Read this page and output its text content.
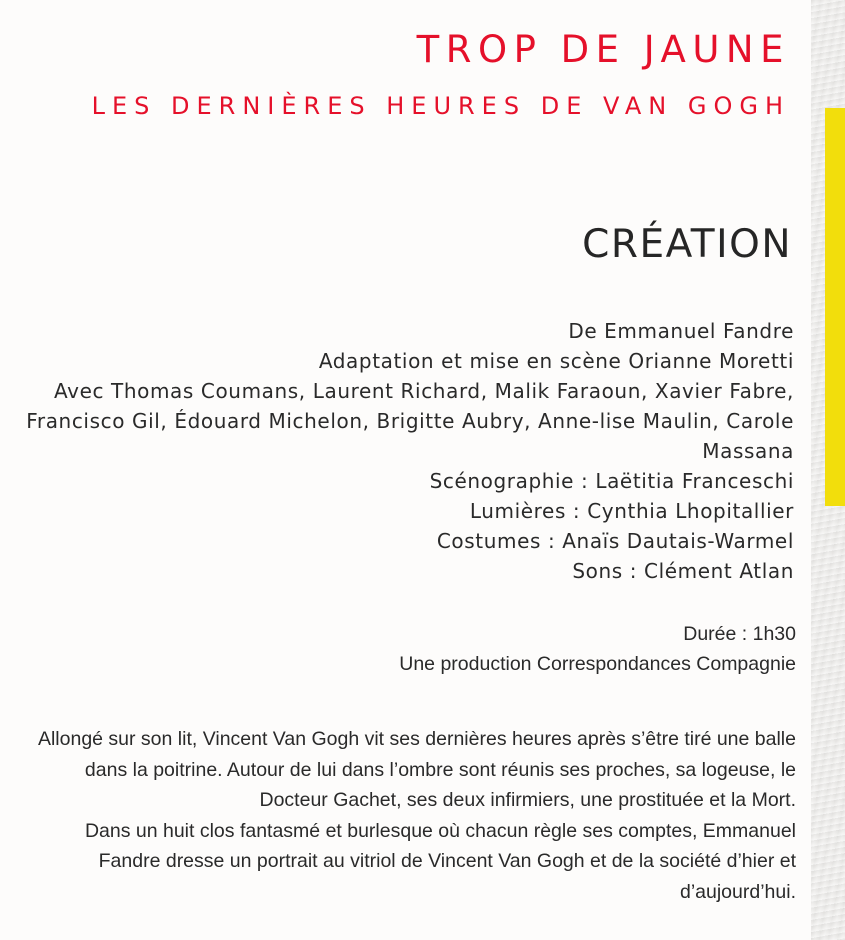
TROP DE JAUNE
LES DERNIÈRES HEURES DE VAN GOGH
CRÉATION
De Emmanuel Fandre
Adaptation et mise en scène Orianne Moretti
Avec Thomas Coumans, Laurent Richard, Malik Faraoun, Xavier Fabre, Francisco Gil, Édouard Michelon, Brigitte Aubry, Anne-lise Maulin, Carole Massana
Scénographie : Laëtitia Franceschi
Lumières : Cynthia Lhopitallier
Costumes : Anaïs Dautais-Warmel
Sons : Clément Atlan
Durée : 1h30
Une production Correspondances Compagnie

Allongé sur son lit, Vincent Van Gogh vit ses dernières heures après s’être tiré une balle dans la poitrine. Autour de lui dans l’ombre sont réunis ses proches, sa logeuse, le Docteur Gachet, ses deux infirmiers, une prostituée et la Mort.

Dans un huit clos fantasmé et burlesque où chacun règle ses comptes, Emmanuel Fandre dresse un portrait au vitriol de Vincent Van Gogh et de la société d’hier et d’aujourd’hui.
